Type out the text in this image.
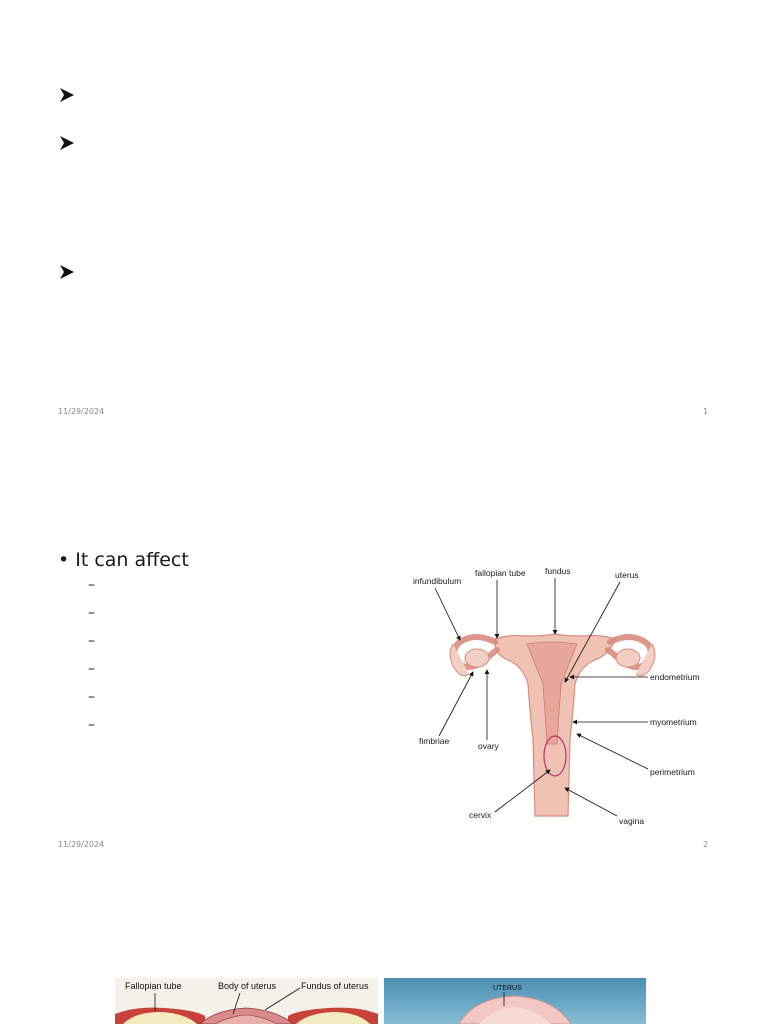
11/29/2024	1
• It can affect
–
–
–
–
–
–
infundibulum
fallopian tube fundus	uterus
endometrium
myometrium
perimetrium
fimbriae	ovary
cervix
vagina
11/29/2024	2
Fallopian tube	Body of uterus	Fundus of uterus	UTERUS
